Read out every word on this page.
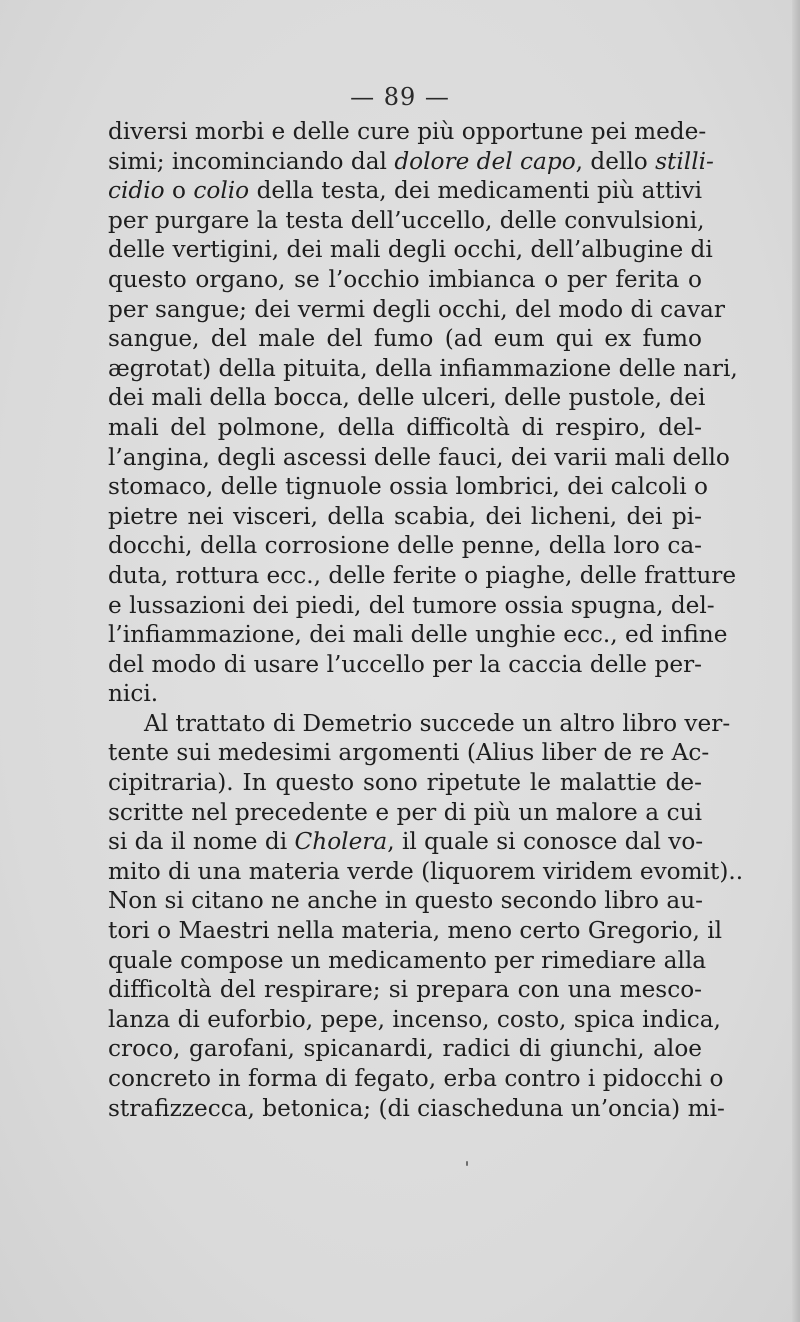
— 89 —
diversi morbi e delle cure più opportune pei mede-
simi; incominciando dal dolore del capo, dello stilli-
cidio o colio della testa, dei medicamenti più attivi
per purgare la testa dell’uccello, delle convulsioni,
delle vertigini, dei mali degli occhi, dell’albugine di
questo organo, se l’occhio imbianca o per ferita o
per sangue; dei vermi degli occhi, del modo di cavar
sangue, del male del fumo (ad eum qui ex fumo
ægrotat) della pituita, della infiammazione delle nari,
dei mali della bocca, delle ulceri, delle pustole, dei
mali del polmone, della difficoltà di respiro, del-
l’angina, degli ascessi delle fauci, dei varii mali dello
stomaco, delle tignuole ossia lombrici, dei calcoli o
pietre nei visceri, della scabia, dei licheni, dei pi-
docchi, della corrosione delle penne, della loro ca-
duta, rottura ecc., delle ferite o piaghe, delle fratture
e lussazioni dei piedi, del tumore ossia spugna, del-
l’infiammazione, dei mali delle unghie ecc., ed infine
del modo di usare l’uccello per la caccia delle per-
nici.
Al trattato di Demetrio succede un altro libro ver-
tente sui medesimi argomenti (Alius liber de re Ac-
cipitraria). In questo sono ripetute le malattie de-
scritte nel precedente e per di più un malore a cui
si da il nome di Cholera, il quale si conosce dal vo-
mito di una materia verde (liquorem viridem evomit)..
Non si citano ne anche in questo secondo libro au-
tori o Maestri nella materia, meno certo Gregorio, il
quale compose un medicamento per rimediare alla
difficoltà del respirare; si prepara con una mesco-
lanza di euforbio, pepe, incenso, costo, spica indica,
croco, garofani, spicanardi, radici di giunchi, aloe
concreto in forma di fegato, erba contro i pidocchi o
strafizzecca, betonica; (di ciascheduna un’oncia) mi-
